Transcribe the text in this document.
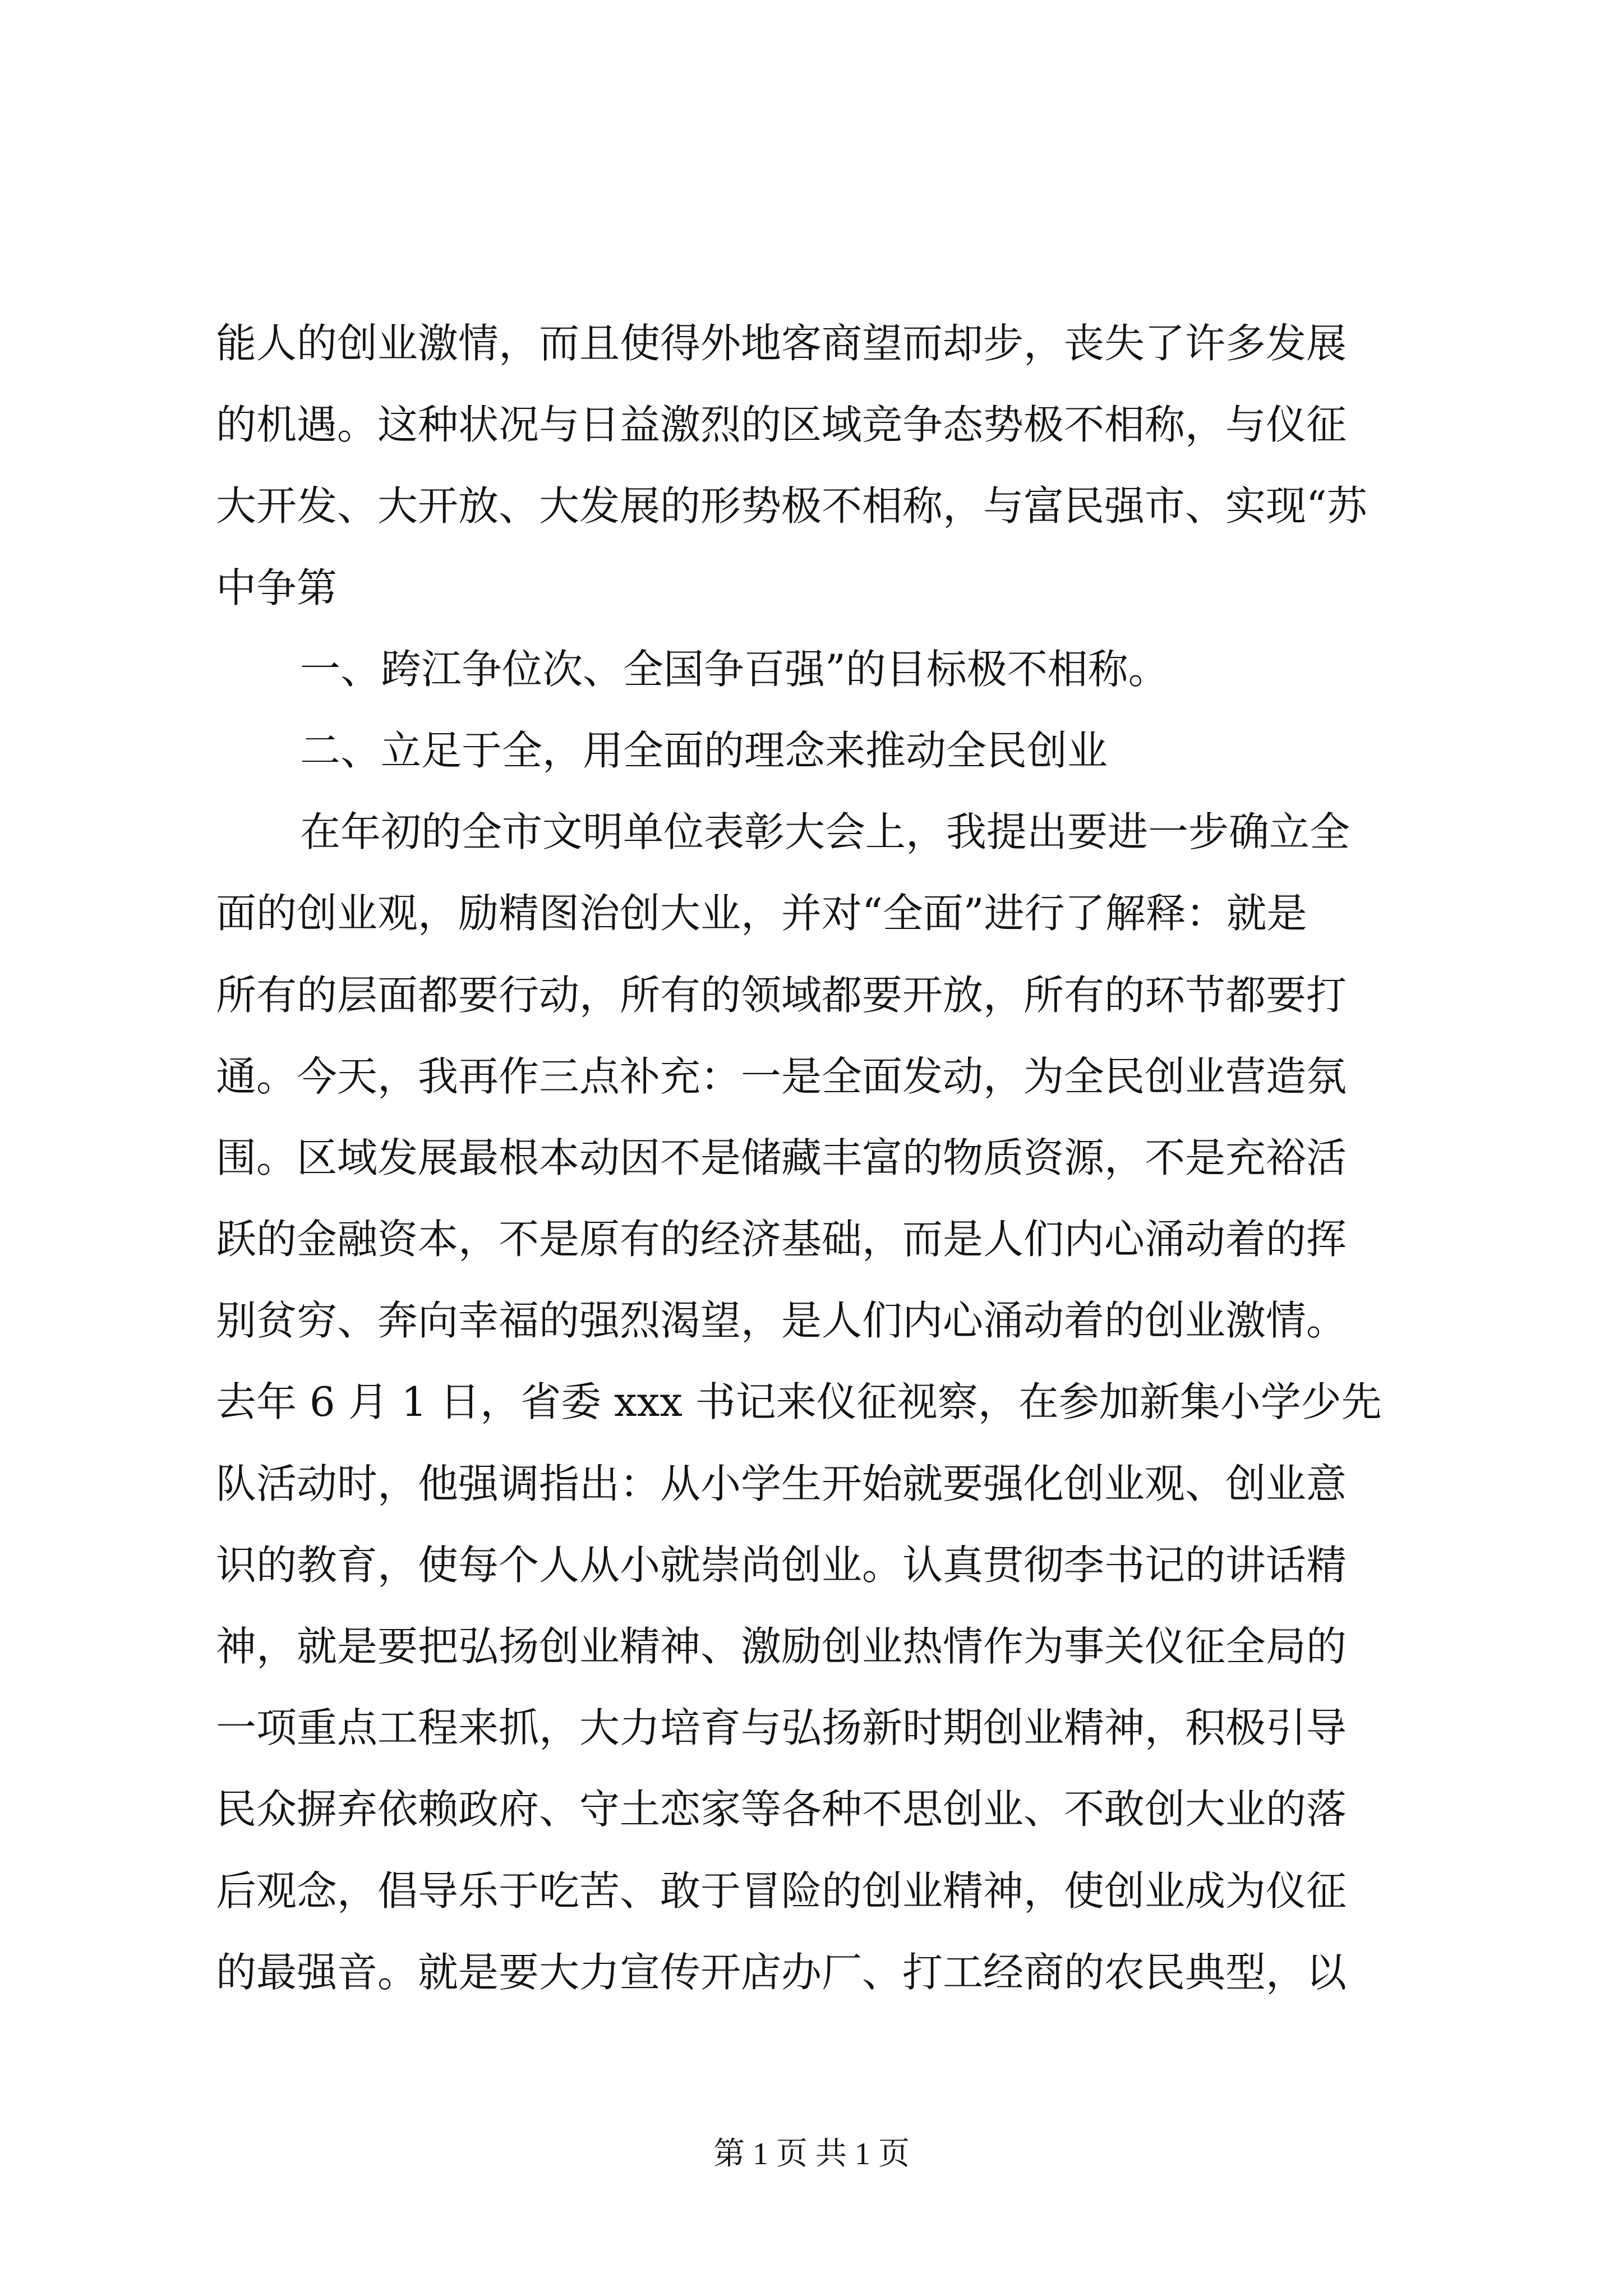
能人的创业激情，而且使得外地客商望而却步，丧失了许多发展
的机遇。这种状况与日益激烈的区域竞争态势极不相称，与仪征
大开发、大开放、大发展的形势极不相称，与富民强市、实现“苏
中争第
一、跨江争位次、全国争百强”的目标极不相称。
二、立足于全，用全面的理念来推动全民创业
在年初的全市文明单位表彰大会上，我提出要进一步确立全
面的创业观，励精图治创大业，并对“全面”进行了解释：就是
所有的层面都要行动，所有的领域都要开放，所有的环节都要打
通。今天，我再作三点补充：一是全面发动，为全民创业营造氛
围。区域发展最根本动因不是储藏丰富的物质资源，不是充裕活
跃的金融资本，不是原有的经济基础，而是人们内心涌动着的挥
别贫穷、奔向幸福的强烈渴望，是人们内心涌动着的创业激情。
去年 6 月 1 日，省委 xxx 书记来仪征视察，在参加新集小学少先
队活动时，他强调指出：从小学生开始就要强化创业观、创业意
识的教育，使每个人从小就崇尚创业。认真贯彻李书记的讲话精
神，就是要把弘扬创业精神、激励创业热情作为事关仪征全局的
一项重点工程来抓，大力培育与弘扬新时期创业精神，积极引导
民众摒弃依赖政府、守土恋家等各种不思创业、不敢创大业的落
后观念，倡导乐于吃苦、敢于冒险的创业精神，使创业成为仪征
的最强音。就是要大力宣传开店办厂、打工经商的农民典型，以
第 1 页 共 1 页
